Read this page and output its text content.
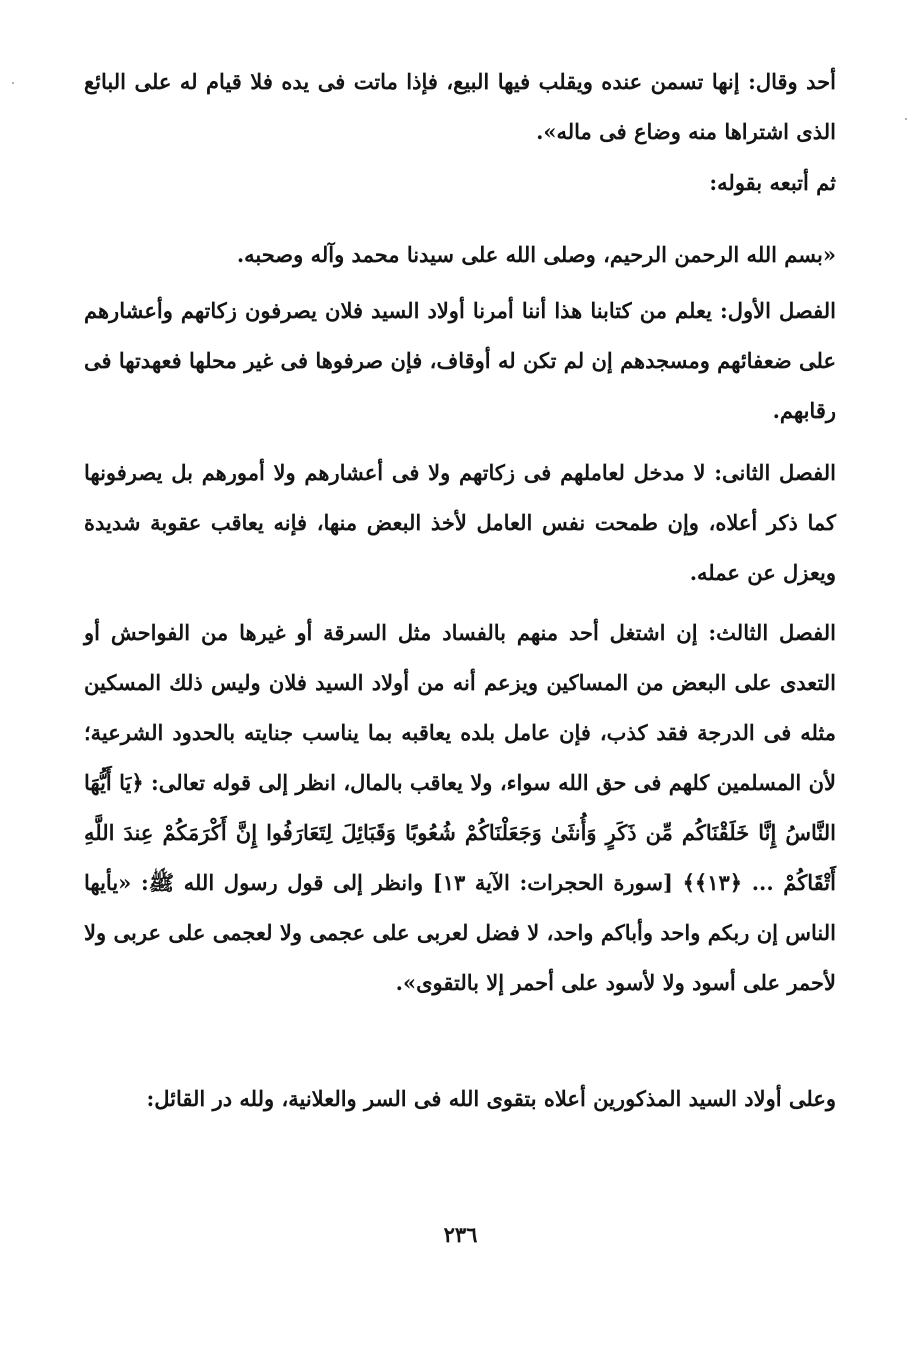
أحد وقال: إنها تسمن عنده ويقلب فيها البيع، فإذا ماتت فى يده فلا قيام له على البائع الذى اشتراها منه وضاع فى ماله».

ثم أتبعه بقوله:

«بسم الله الرحمن الرحيم، وصلى الله على سيدنا محمد وآله وصحبه.

الفصل الأول: يعلم من كتابنا هذا أننا أمرنا أولاد السيد فلان يصرفون زكاتهم وأعشارهم على ضعفائهم ومسجدهم إن لم تكن له أوقاف، فإن صرفوها فى غير محلها فعهدتها فى رقابهم.

الفصل الثانى: لا مدخل لعاملهم فى زكاتهم ولا فى أعشارهم ولا أمورهم بل يصرفونها كما ذكر أعلاه، وإن طمحت نفس العامل لأخذ البعض منها، فإنه يعاقب عقوبة شديدة ويعزل عن عمله.

الفصل الثالث: إن اشتغل أحد منهم بالفساد مثل السرقة أو غيرها من الفواحش أو التعدى على البعض من المساكين ويزعم أنه من أولاد السيد فلان وليس ذلك المسكين مثله فى الدرجة فقد كذب، فإن عامل بلده يعاقبه بما يناسب جنايته بالحدود الشرعية؛ لأن المسلمين كلهم فى حق الله سواء، ولا يعاقب بالمال، انظر إلى قوله تعالى: ﴿يَا أَيُّهَا النَّاسُ إِنَّا خَلَقْنَاكُم مِّن ذَكَرٍ وَأُنثَىٰ وَجَعَلْنَاكُمْ شُعُوبًا وَقَبَائِلَ لِتَعَارَفُوا إِنَّ أَكْرَمَكُمْ عِندَ اللَّهِ أَتْقَاكُمْ ... ﴿١٣﴾﴾ [سورة الحجرات: الآية ١٣] وانظر إلى قول رسول الله ﷺ: «يأيها الناس إن ربكم واحد وأباكم واحد، لا فضل لعربى على عجمى ولا لعجمى على عربى ولا لأحمر على أسود ولا لأسود على أحمر إلا بالتقوى».

وعلى أولاد السيد المذكورين أعلاه بتقوى الله فى السر والعلانية، ولله در القائل:

٢٣٦
